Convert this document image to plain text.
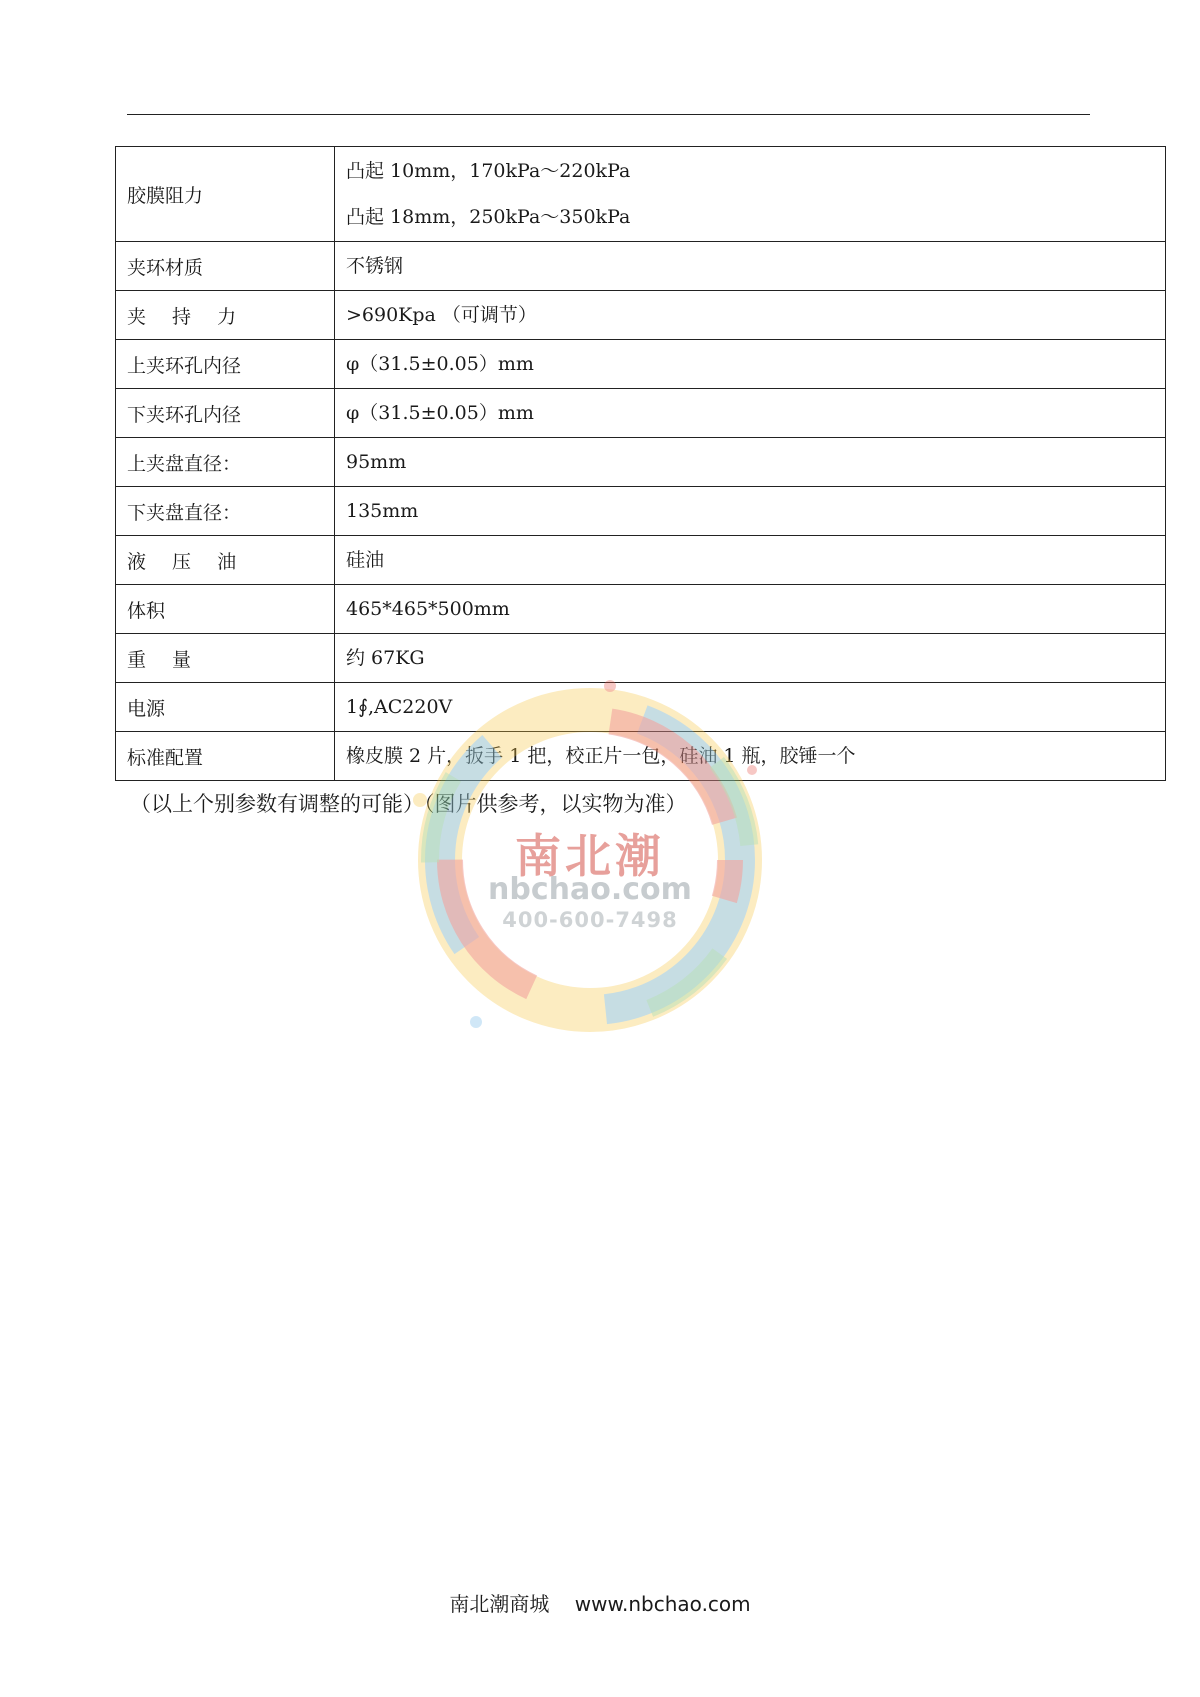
胶膜阻力	凸起 10mm，170kPa～220kPa
凸起 18mm，250kPa～350kPa

夹环材质	不锈钢

夹 持 力	>690Kpa （可调节）

上夹环孔内径	φ（31.5±0.05）mm

下夹环孔内径	φ（31.5±0.05）mm

上夹盘直径：	95mm

下夹盘直径：	135mm

液 压 油	硅油

体积	465*465*500mm

重 量	约 67KG

电源	1∮,AC220V

标准配置	橡皮膜 2 片，扳手 1 把，校正片一包，硅油 1 瓶，胶锤一个
（以上个别参数有调整的可能）（图片供参考，以实物为准）
南北潮
nbchao.com
400-600-7498
南北潮商城    www.nbchao.com
